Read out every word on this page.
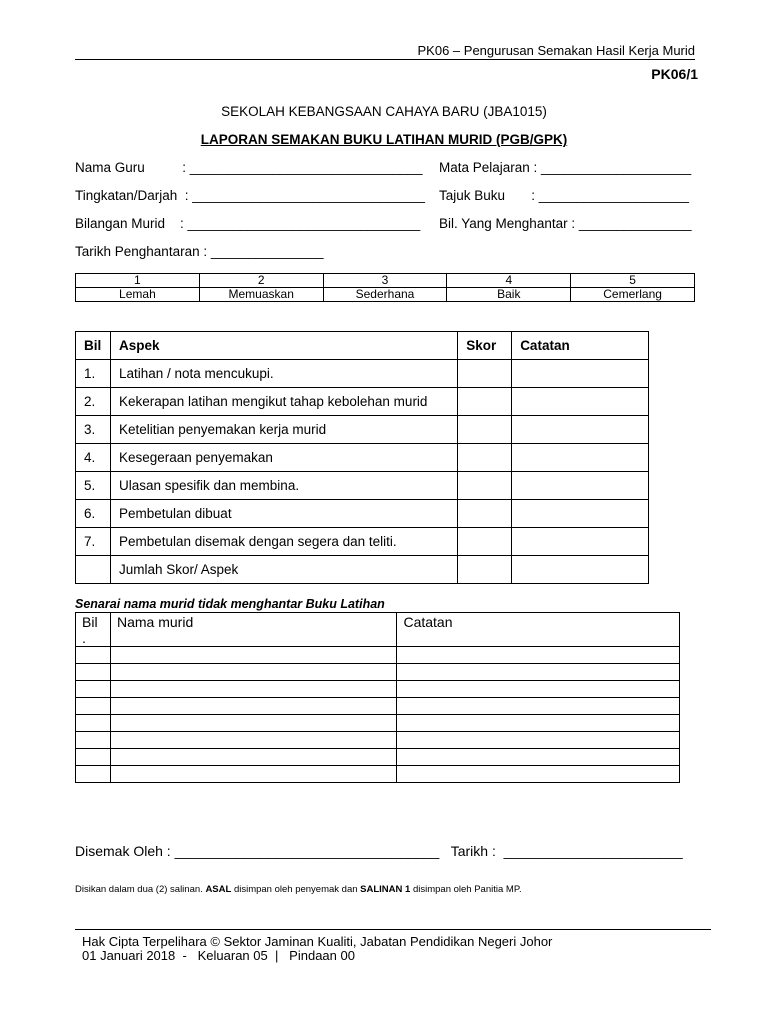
PK06 – Pengurusan Semakan Hasil Kerja Murid
PK06/1
SEKOLAH KEBANGSAAN CAHAYA BARU (JBA1015)
LAPORAN SEMAKAN BUKU LATIHAN MURID (PGB/GPK)
Nama Guru          : _______________________________ Mata Pelajaran : ____________________
Tingkatan/Darjah  : _______________________________ Tajuk Buku       : ____________________
Bilangan Murid    : _______________________________ Bil. Yang Menghantar : _______________
Tarikh Penghantaran : _______________
1	2	3	4	5
Lemah	Memuaskan	Sederhana	Baik	Cemerlang
Bil	Aspek	Skor	Catatan
1.	Latihan / nota mencukupi.		
2.	Kekerapan latihan mengikut tahap kebolehan murid		
3.	Ketelitian penyemakan kerja murid		
4.	Kesegeraan penyemakan		
5.	Ulasan spesifik dan membina.		
6.	Pembetulan dibuat		
7.	Pembetulan disemak dengan segera dan teliti.		
	Jumlah Skor/ Aspek		
Senarai nama murid tidak menghantar Buku Latihan
Bil
.	Nama murid	Catatan

Disemak Oleh : __________________________________   Tarikh :  _______________________
Disikan dalam dua (2) salinan. ASAL disimpan oleh penyemak dan SALINAN 1 disimpan oleh Panitia MP.
Hak Cipta Terpelihara © Sektor Jaminan Kualiti, Jabatan Pendidikan Negeri Johor
01 Januari 2018  -   Keluaran 05  |   Pindaan 00
